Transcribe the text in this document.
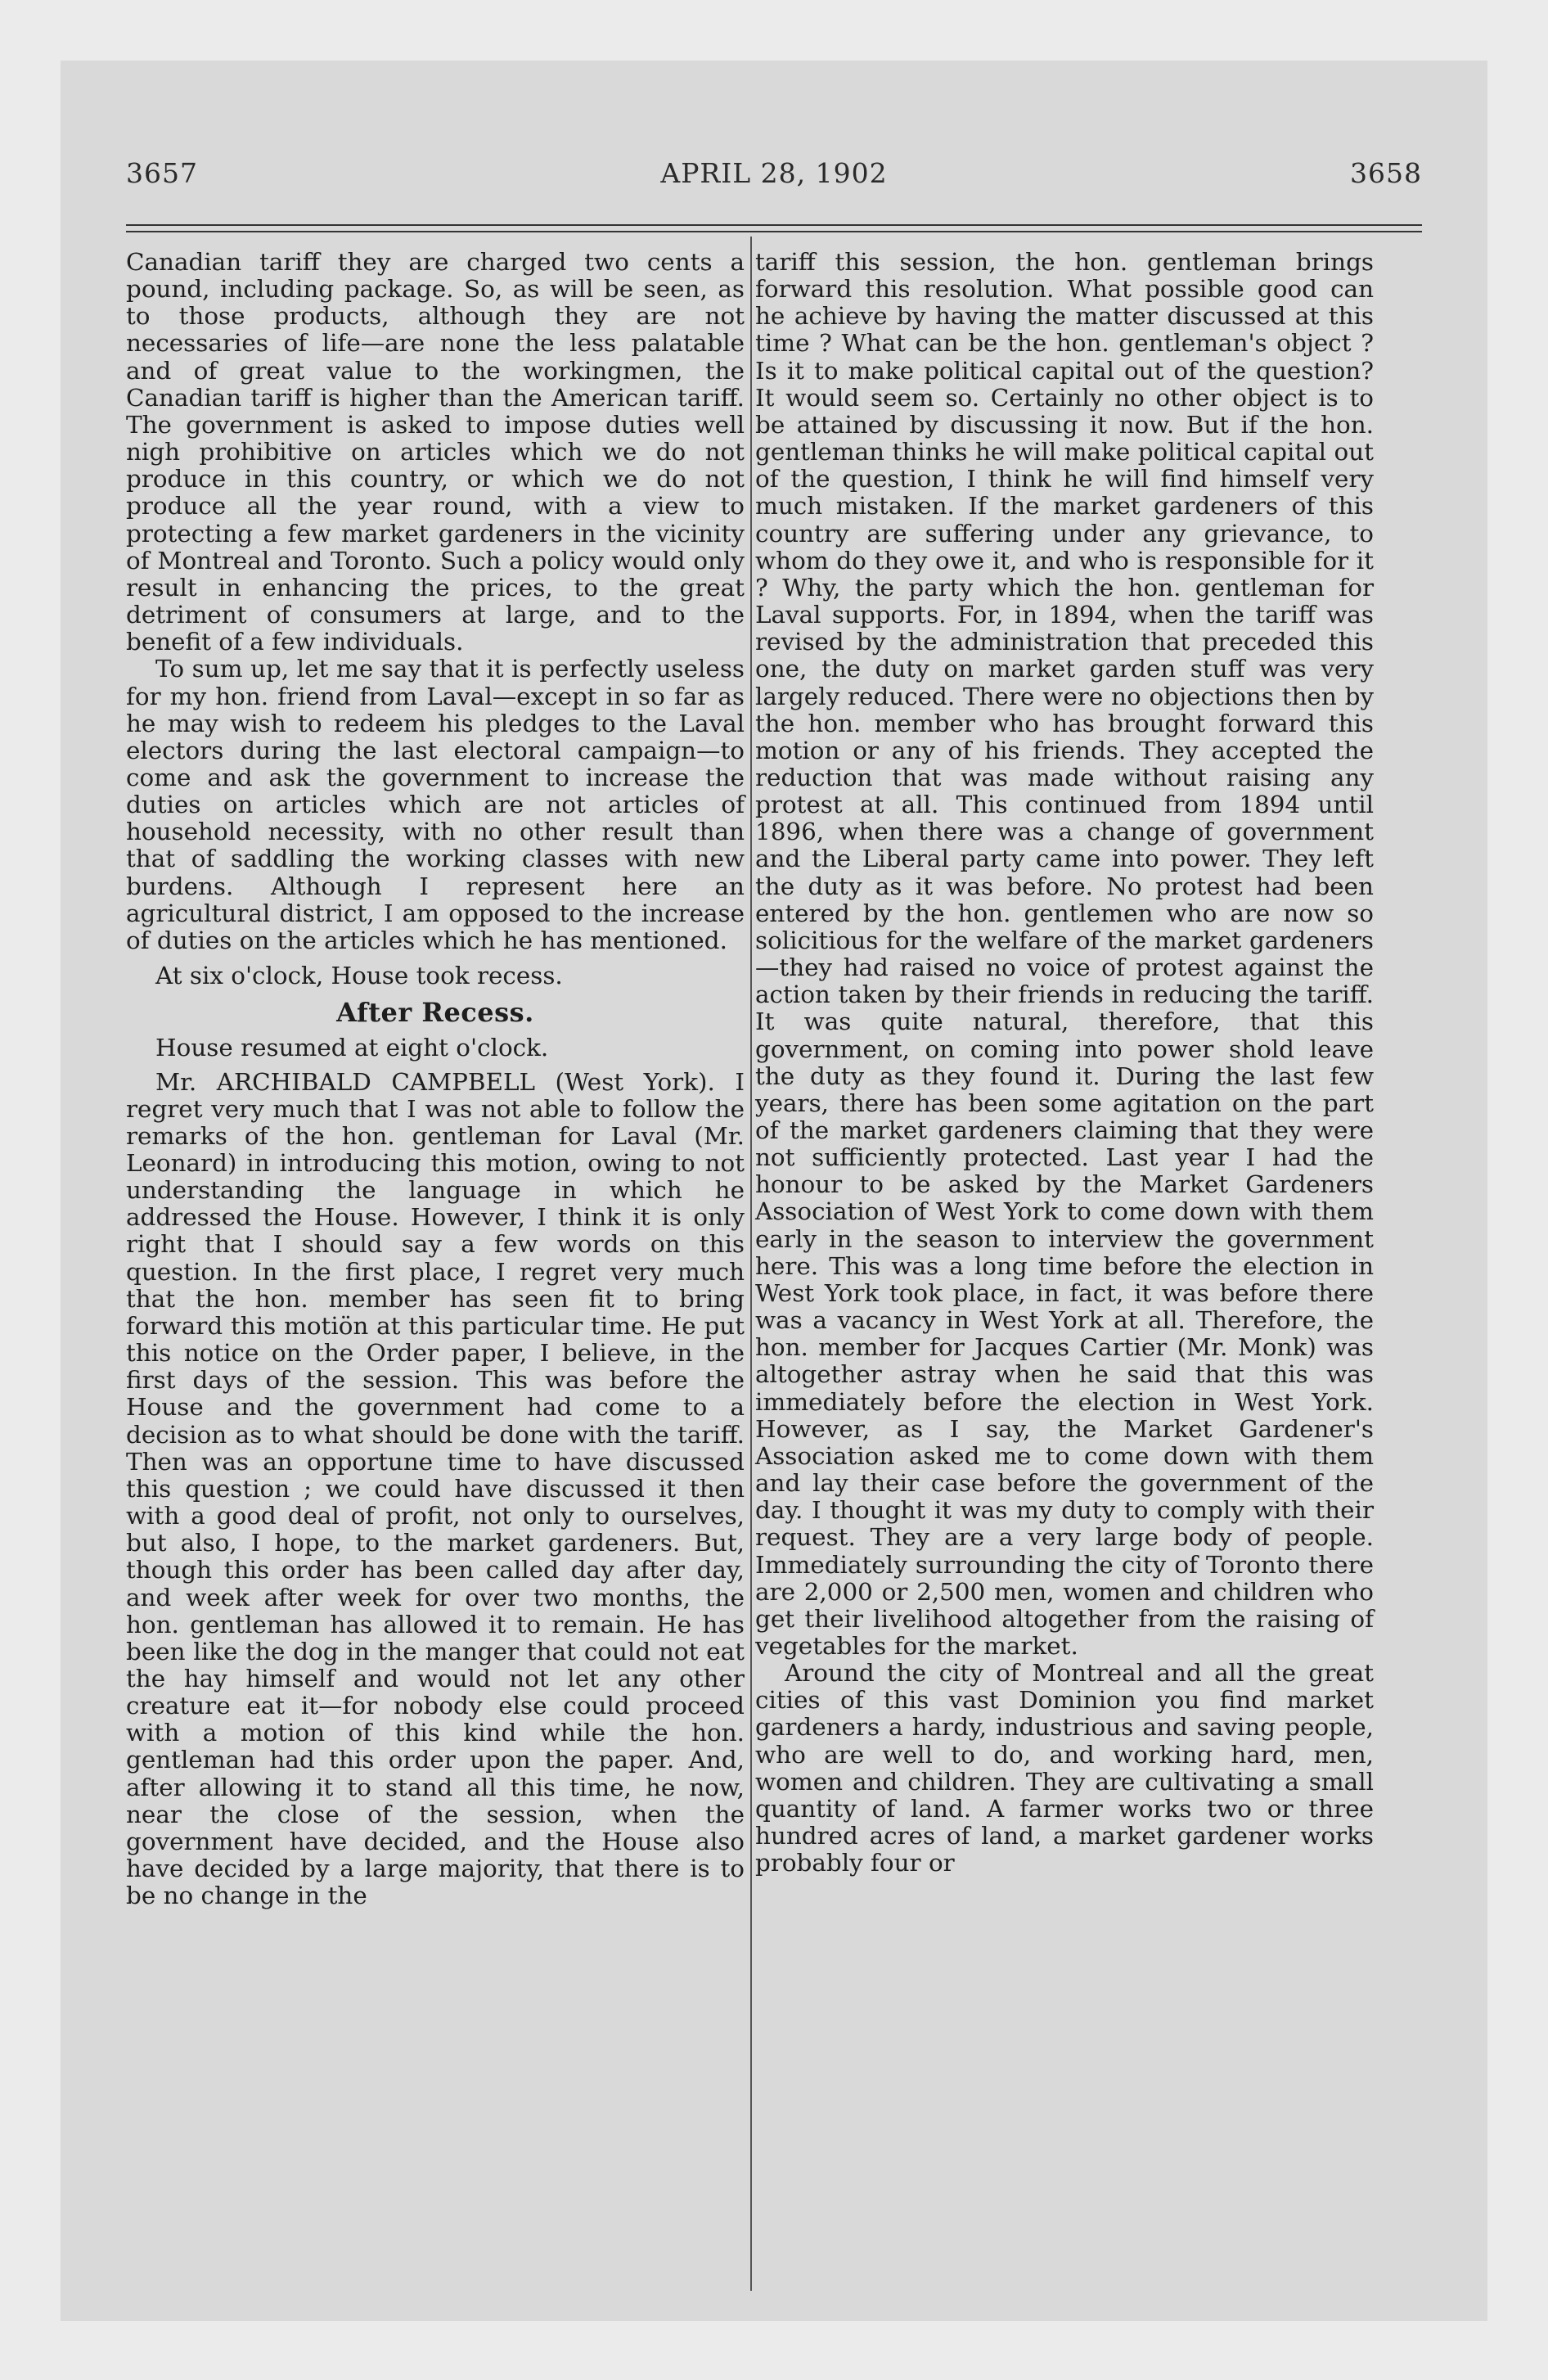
3657	APRIL 28, 1902	3658

Canadian tariff they are charged two cents a pound, including package. So, as will be seen, as to those products, although they are not necessaries of life—are none the less palatable and of great value to the workingmen, the Canadian tariff is higher than the American tariff. The government is asked to impose duties well nigh prohibitive on articles which we do not produce in this country, or which we do not produce all the year round, with a view to protecting a few market gardeners in the vicinity of Montreal and Toronto. Such a policy would only result in enhancing the prices, to the great detriment of consumers at large, and to the benefit of a few individuals.

To sum up, let me say that it is perfectly useless for my hon. friend from Laval—except in so far as he may wish to redeem his pledges to the Laval electors during the last electoral campaign—to come and ask the government to increase the duties on articles which are not articles of household necessity, with no other result than that of saddling the working classes with new burdens. Although I represent here an agricultural district, I am opposed to the increase of duties on the articles which he has mentioned.

At six o'clock, House took recess.

After Recess.

House resumed at eight o'clock.

Mr. ARCHIBALD CAMPBELL (West York). I regret very much that I was not able to follow the remarks of the hon. gentleman for Laval (Mr. Leonard) in introducing this motion, owing to not understanding the language in which he addressed the House. However, I think it is only right that I should say a few words on this question. In the first place, I regret very much that the hon. member has seen fit to bring forward this motiön at this particular time. He put this notice on the Order paper, I believe, in the first days of the session. This was before the House and the government had come to a decision as to what should be done with the tariff. Then was an opportune time to have discussed this question ; we could have discussed it then with a good deal of profit, not only to ourselves, but also, I hope, to the market gardeners. But, though this order has been called day after day, and week after week for over two months, the hon. gentleman has allowed it to remain. He has been like the dog in the manger that could not eat the hay himself and would not let any other creature eat it—for nobody else could proceed with a motion of this kind while the hon. gentleman had this order upon the paper. And, after allowing it to stand all this time, he now, near the close of the session, when the government have decided, and the House also have decided by a large majority, that there is to be no change in the

tariff this session, the hon. gentleman brings forward this resolution. What possible good can he achieve by having the matter discussed at this time ? What can be the hon. gentleman's object ? Is it to make political capital out of the question? It would seem so. Certainly no other object is to be attained by discussing it now. But if the hon. gentleman thinks he will make political capital out of the question, I think he will find himself very much mistaken. If the market gardeners of this country are suffering under any grievance, to whom do they owe it, and who is responsible for it ? Why, the party which the hon. gentleman for Laval supports. For, in 1894, when the tariff was revised by the administration that preceded this one, the duty on market garden stuff was very largely reduced. There were no objections then by the hon. member who has brought forward this motion or any of his friends. They accepted the reduction that was made without raising any protest at all. This continued from 1894 until 1896, when there was a change of government and the Liberal party came into power. They left the duty as it was before. No protest had been entered by the hon. gentlemen who are now so solicitious for the welfare of the market gardeners—they had raised no voice of protest against the action taken by their friends in reducing the tariff. It was quite natural, therefore, that this government, on coming into power shold leave the duty as they found it. During the last few years, there has been some agitation on the part of the market gardeners claiming that they were not sufficiently protected. Last year I had the honour to be asked by the Market Gardeners Association of West York to come down with them early in the season to interview the government here. This was a long time before the election in West York took place, in fact, it was before there was a vacancy in West York at all. Therefore, the hon. member for Jacques Cartier (Mr. Monk) was altogether astray when he said that this was immediately before the election in West York. However, as I say, the Market Gardener's Association asked me to come down with them and lay their case before the government of the day. I thought it was my duty to comply with their request. They are a very large body of people. Immediately surrounding the city of Toronto there are 2,000 or 2,500 men, women and children who get their livelihood altogether from the raising of vegetables for the market.

Around the city of Montreal and all the great cities of this vast Dominion you find market gardeners a hardy, industrious and saving people, who are well to do, and working hard, men, women and children. They are cultivating a small quantity of land. A farmer works two or three hundred acres of land, a market gardener works probably four or
